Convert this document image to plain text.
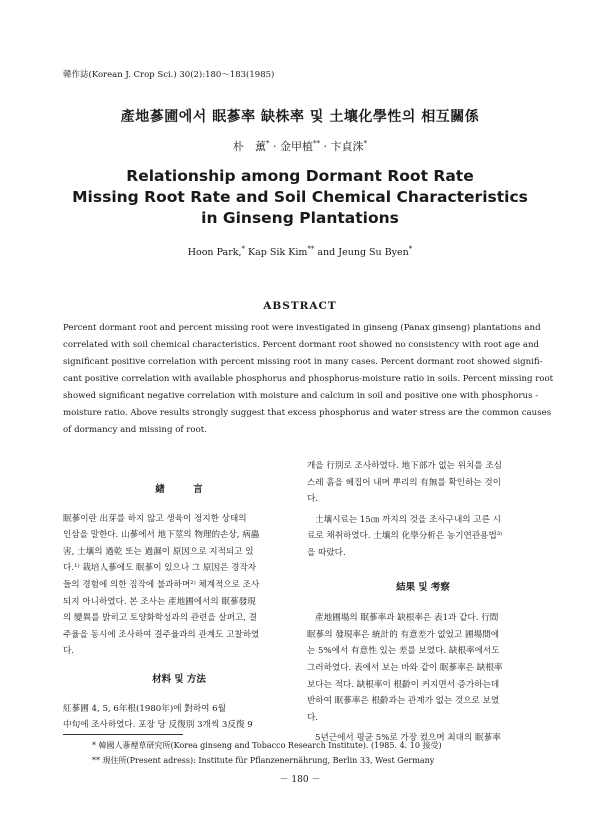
韓作誌(Korean J. Crop Sci.) 30(2):180～183(1985)
產地蔘圃에서 眠蔘率 缺株率 및 土壤化學性의 相互關係
朴　薰* · 金甲植** · 卞貞洙*
Relationship among Dormant Root Rate
Missing Root Rate and Soil Chemical Characteristics
in Ginseng Plantations
Hoon Park,* Kap Sik Kim** and Jeung Su Byen*
ABSTRACT
Percent dormant root and percent missing root were investigated in ginseng (Panax ginseng) plantations and
correlated with soil chemical characteristics. Percent dormant root showed no consistency with root age and
significant positive correlation with percent missing root in many cases. Percent dormant root showed signifi-
cant positive correlation with available phosphorus and phosphorus-moisture ratio in soils. Percent missing root
showed significant negative correlation with moisture and calcium in soil and positive one with phosphorus -
moisture ratio. Above results strongly suggest that excess phosphorus and water stress are the common causes
of dormancy and missing of root.
緖　　　言
眠蔘이란 出芽를 하지 않고 생육이 정지한 상태의
인삼을 말한다. 山蔘에서 地下莖의 物理的손상, 病蟲
害, 土壤의 過乾 또는 過濕이 原因으로 지적되고 있
다.¹⁾ 栽培人蔘에도 眠蔘이 있으나 그 原因은 경작자
들의 경험에 의한 짐작에 불과하며²⁾ 체계적으로 조사
되지 아니하였다. 본 조사는 產地圃에서의 眠蔘發現
의 變異를 밝히고 토양화학성과의 관련을 살펴고, 결
주율을 동시에 조사하여 결주율과의 관계도 고찰하였
다.
材料 및 方法
紅蔘圃 4, 5, 6年根(1980年)에 對하여 6월
中旬에 조사하였다. 포장 당 反復別 3개씩 3反復 9
개을 行別로 조사하였다. 地下部가 없는 위치를 조심
스레 흙을 헤집어 내며 뿌리의 有無를 확인하는 것이
다.
土壤시료는 15㎝ 까지의 것을 조사구내의 고른 시
료로 채취하였다. 土壤의 化學分析은 농기연관용법³⁾
을 따랐다.
結果 및 考察
產地圃場의 眠蔘率과 缺根率은 表1과 같다. 行間
眠蔘의 發現率은 統計的 有意差가 없었고 圃場間에
는 5%에서 有意性 있는 差를 보였다. 缺根率에서도
그러하였다. 表에서 보는 바와 같이 眠蔘率은 缺根率
보다는 적다. 缺根率이 根齡이 커지면서 증가하는데
반하여 眠蔘率은 根齡과는 관계가 없는 것으로 보였
다.
5년근에서 평균 5%로 가장 컸으며 최대의 眠蔘率
* 韓國人蔘煙草研究所(Korea ginseng and Tobacco Research Institute). (1985. 4. 10 接受)
** 現住所(Present adress): Institute für Pflanzenernährung, Berlin 33, West Germany
－ 180 －
